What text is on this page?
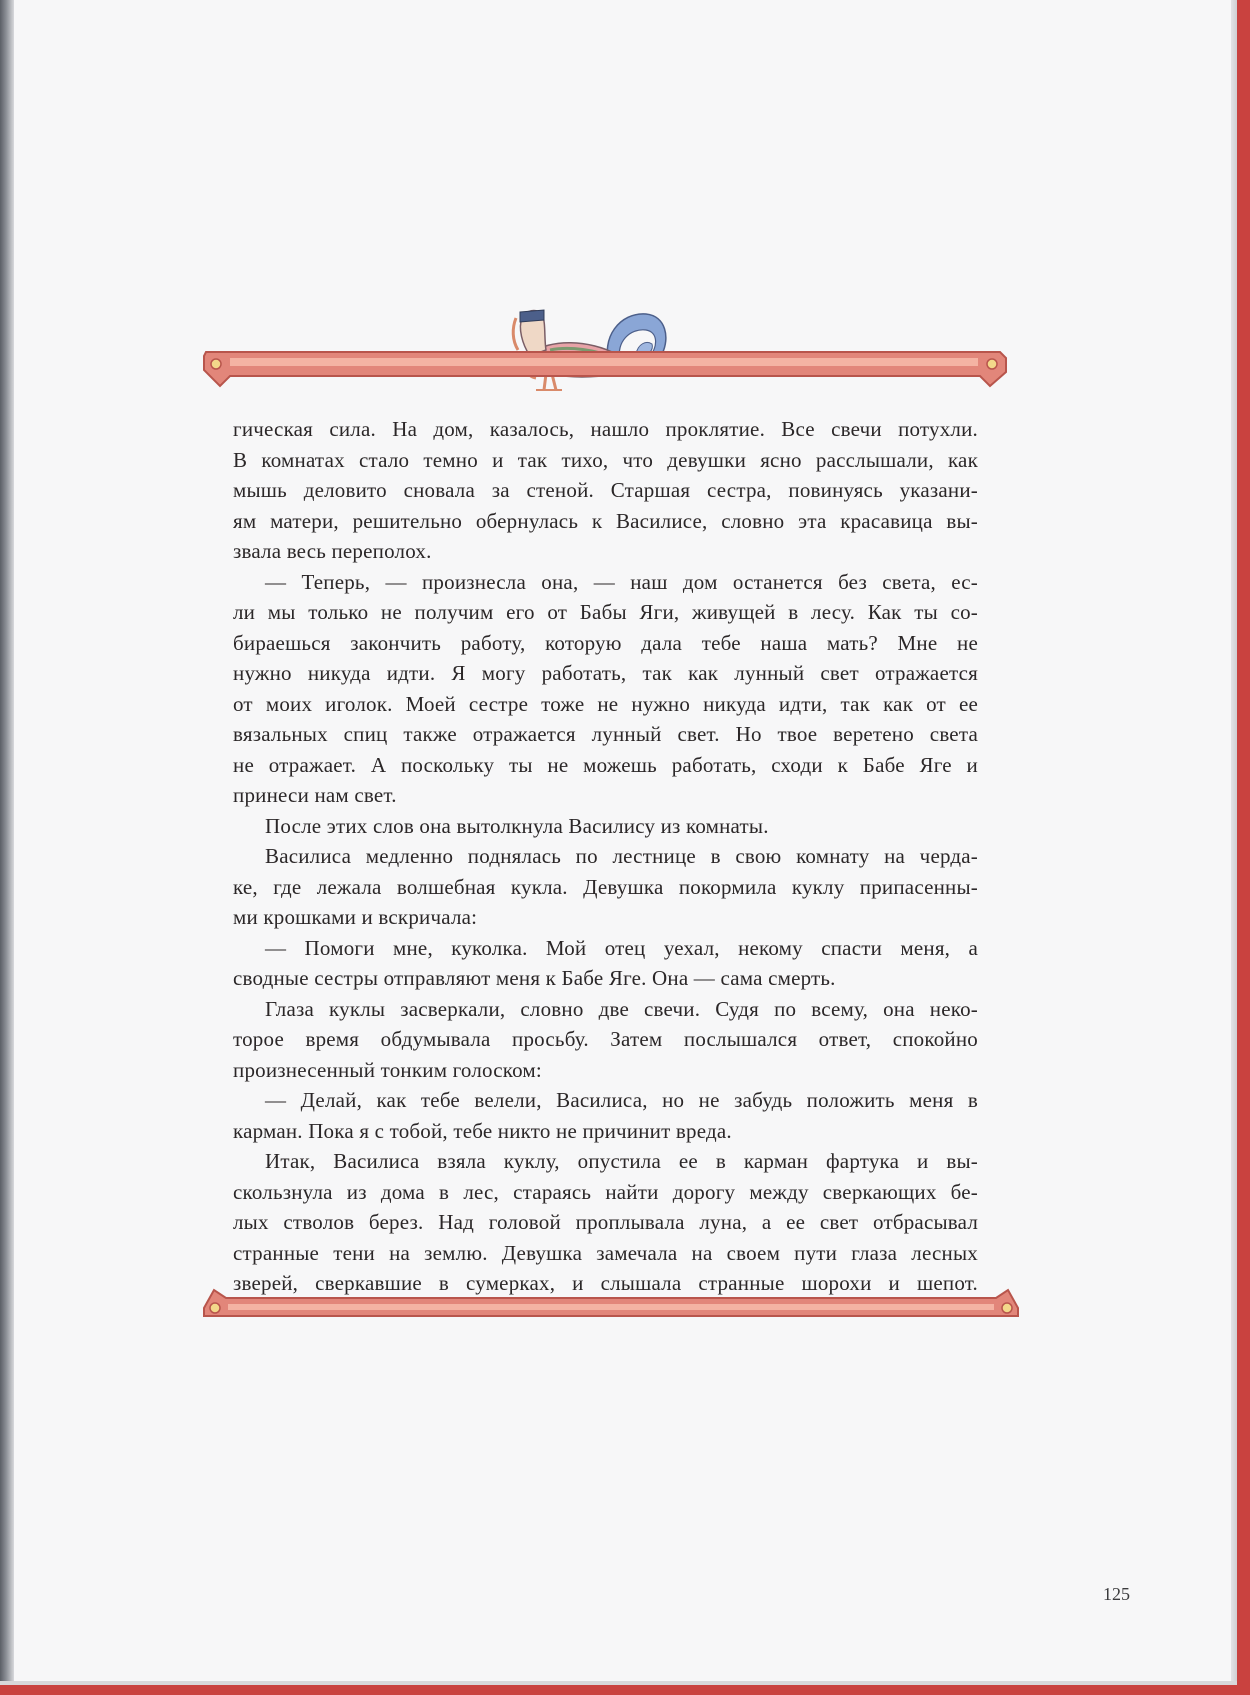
гическая сила. На дом, казалось, нашло проклятие. Все свечи потухли.

В комнатах стало темно и так тихо, что девушки ясно расслышали, как

мышь деловито сновала за стеной. Старшая сестра, повинуясь указани-

ям матери, решительно обернулась к Василисе, словно эта красавица вы-

звала весь переполох.

— Теперь, — произнесла она, — наш дом останется без света, ес-

ли мы только не получим его от Бабы Яги, живущей в лесу. Как ты со-

бираешься закончить работу, которую дала тебе наша мать? Мне не

нужно никуда идти. Я могу работать, так как лунный свет отражается

от моих иголок. Моей сестре тоже не нужно никуда идти, так как от ее

вязальных спиц также отражается лунный свет. Но твое веретено света

не отражает. А поскольку ты не можешь работать, сходи к Бабе Яге и

принеси нам свет.

После этих слов она вытолкнула Василису из комнаты.

Василиса медленно поднялась по лестнице в свою комнату на черда-

ке, где лежала волшебная кукла. Девушка покормила куклу припасенны-

ми крошками и вскричала:

— Помоги мне, куколка. Мой отец уехал, некому спасти меня, а

сводные сестры отправляют меня к Бабе Яге. Она — сама смерть.

Глаза куклы засверкали, словно две свечи. Судя по всему, она неко-

торое время обдумывала просьбу. Затем послышался ответ, спокойно

произнесенный тонким голоском:

— Делай, как тебе велели, Василиса, но не забудь положить меня в

карман. Пока я с тобой, тебе никто не причинит вреда.

Итак, Василиса взяла куклу, опустила ее в карман фартука и вы-

скользнула из дома в лес, стараясь найти дорогу между сверкающих бе-

лых стволов берез. Над головой проплывала луна, а ее свет отбрасывал

странные тени на землю. Девушка замечала на своем пути глаза лесных

зверей, сверкавшие в сумерках, и слышала странные шорохи и шепот.

125
